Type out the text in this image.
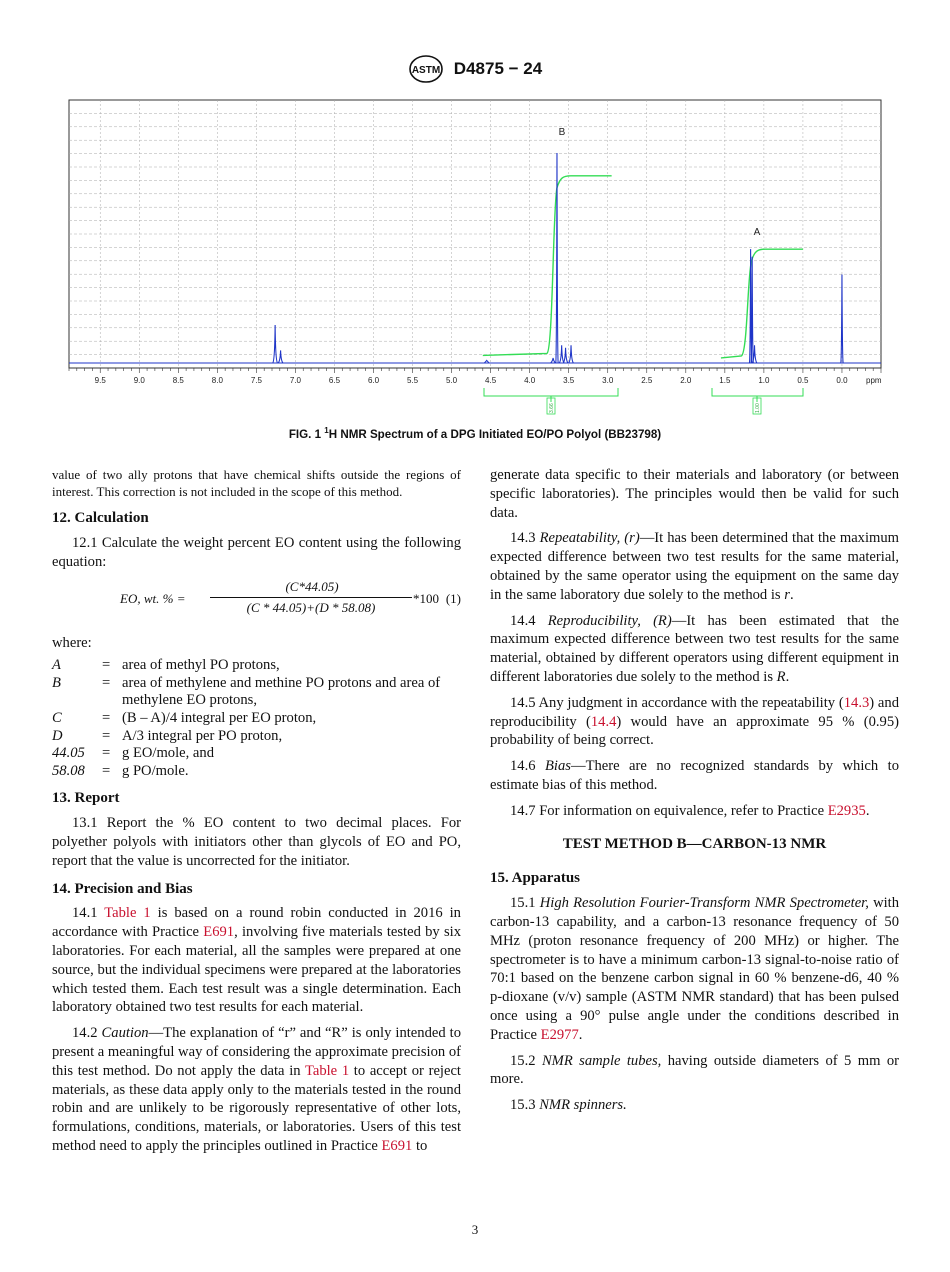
ASTM D4875 − 24
9.5	9.0	8.5	8.0	7.5	7.0	6.5	6.0	5.5	5.0	4.5	4.0	3.5	3.0	2.5	2.0	1.5	1.0	0.5	0.0
B
A
ppm
3.66	1.00
FIG. 1 $^1$H NMR Spectrum of a DPG Initiated EO/PO Polyol (BB23798)

value of two ally protons that have chemical shifts outside the regions of interest. This correction is not included in the scope of this method.

12. Calculation

12.1 Calculate the weight percent EO content using the following equation:

EO, wt. % =
(C*44.05)
(C * 44.05)+(D * 58.08)
*100 (1)

where:

A	=	area of methyl PO protons,
B	=	area of methylene and methine PO protons and area of methylene EO protons,
C	=	(B – A)/4 integral per EO proton,
D	=	A/3 integral per PO proton,
44.05	=	g EO/mole, and
58.08	=	g PO/mole.
13. Report

13.1 Report the % EO content to two decimal places. For polyether polyols with initiators other than glycols of EO and PO, report that the value is uncorrected for the initiator.

14. Precision and Bias

14.1 Table 1 is based on a round robin conducted in 2016 in accordance with Practice E691, involving five materials tested by six laboratories. For each material, all the samples were prepared at one source, but the individual specimens were prepared at the laboratories which tested them. Each test result was a single determination. Each laboratory obtained two test results for each material.

14.2 Caution—The explanation of “r” and “R” is only intended to present a meaningful way of considering the approximate precision of this test method. Do not apply the data in Table 1 to accept or reject materials, as these data apply only to the materials tested in the round robin and are unlikely to be rigorously representative of other lots, formulations, conditions, materials, or laboratories. Users of this test method need to apply the principles outlined in Practice E691 to

generate data specific to their materials and laboratory (or between specific laboratories). The principles would then be valid for such data.

14.3 Repeatability, (r)—It has been determined that the maximum expected difference between two test results for the same material, obtained by the same operator using the equipment on the same day in the same laboratory due solely to the method is r.

14.4 Reproducibility, (R)—It has been estimated that the maximum expected difference between two test results for the same material, obtained by different operators using different equipment in different laboratories due solely to the method is R.

14.5 Any judgment in accordance with the repeatability (14.3) and reproducibility (14.4) would have an approximate 95 % (0.95) probability of being correct.

14.6 Bias—There are no recognized standards by which to estimate bias of this method.

14.7 For information on equivalence, refer to Practice E2935.

TEST METHOD B—CARBON-13 NMR
15. Apparatus

15.1 High Resolution Fourier-Transform NMR Spectrometer, with carbon-13 capability, and a carbon-13 resonance frequency of 50 MHz (proton resonance frequency of 200 MHz) or higher. The spectrometer is to have a minimum carbon-13 signal-to-noise ratio of 70:1 based on the benzene carbon signal in 60 % benzene-d6, 40 % p-dioxane (v/v) sample (ASTM NMR standard) that has been pulsed once using a 90° pulse angle under the conditions described in Practice E2977.

15.2 NMR sample tubes, having outside diameters of 5 mm or more.

15.3 NMR spinners.

3
